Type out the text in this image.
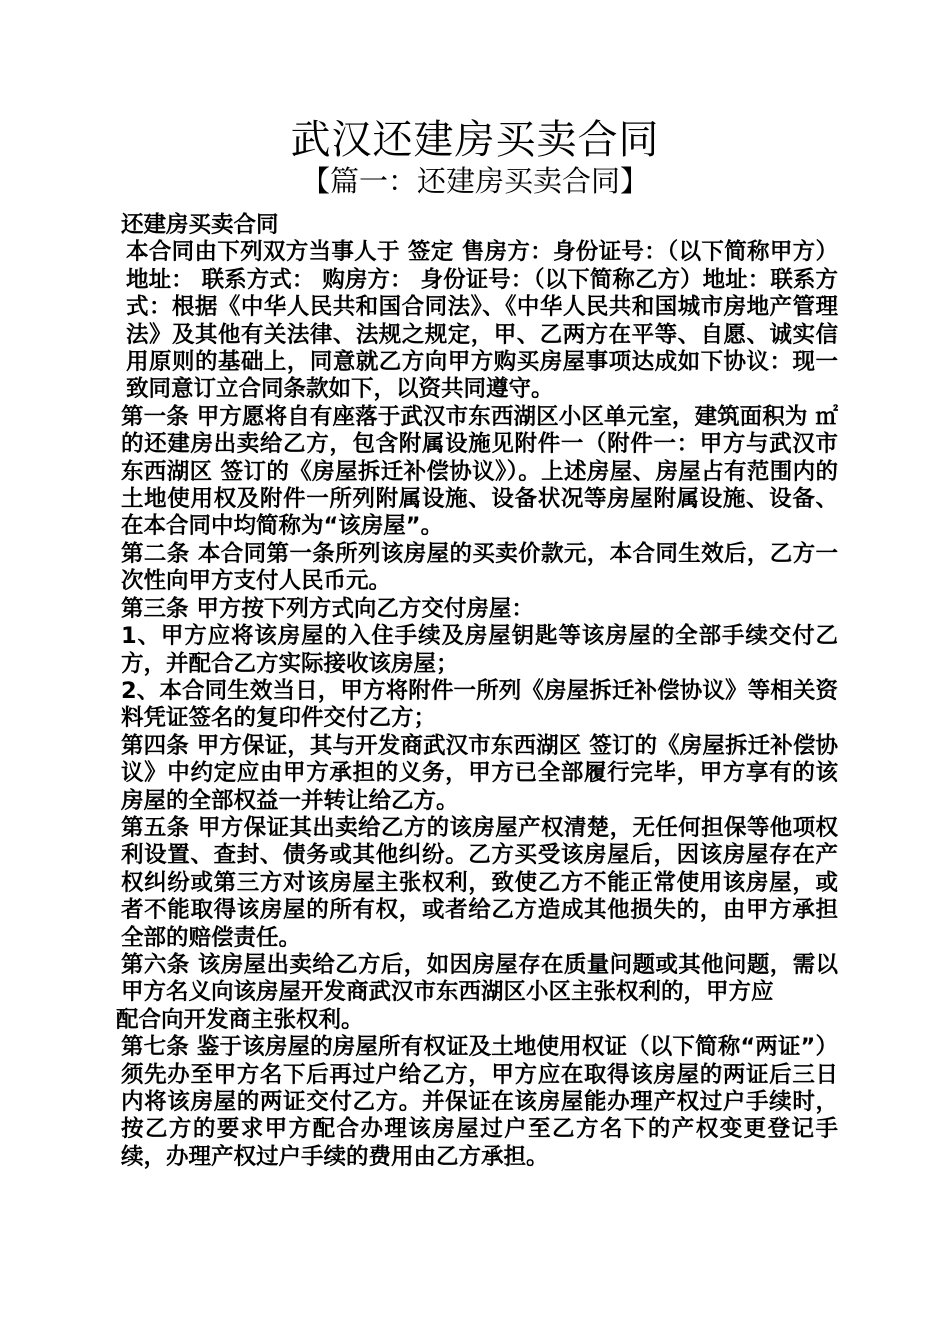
武汉还建房买卖合同
【篇一：还建房买卖合同】

还建房买卖合同

本合同由下列双方当事人于 签定 售房方：身份证号：（以下简称甲方） 地址： 联系方式： 购房方： 身份证号：（以下简称乙方）地址：联系方式：根据《中华人民共和国合同法》、《中华人民共和国城市房地产管理法》及其他有关法律、法规之规定，甲、乙两方在平等、自愿、诚实信用原则的基础上，同意就乙方向甲方购买房屋事项达成如下协议：现一致同意订立合同条款如下，以资共同遵守。

第一条 甲方愿将自有座落于武汉市东西湖区小区单元室，建筑面积为 ㎡的还建房出卖给乙方，包含附属设施见附件一（附件一：甲方与武汉市东西湖区 签订的《房屋拆迁补偿协议》）。上述房屋、房屋占有范围内的土地使用权及附件一所列附属设施、设备状况等房屋附属设施、设备、在本合同中均简称为“该房屋”。

第二条 本合同第一条所列该房屋的买卖价款元，本合同生效后，乙方一次性向甲方支付人民币元。

第三条 甲方按下列方式向乙方交付房屋：

1、甲方应将该房屋的入住手续及房屋钥匙等该房屋的全部手续交付乙方，并配合乙方实际接收该房屋；

2、本合同生效当日，甲方将附件一所列《房屋拆迁补偿协议》等相关资料凭证签名的复印件交付乙方；

第四条 甲方保证，其与开发商武汉市东西湖区 签订的《房屋拆迁补偿协议》中约定应由甲方承担的义务，甲方已全部履行完毕，甲方享有的该房屋的全部权益一并转让给乙方。

第五条 甲方保证其出卖给乙方的该房屋产权清楚，无任何担保等他项权利设置、查封、债务或其他纠纷。乙方买受该房屋后，因该房屋存在产权纠纷或第三方对该房屋主张权利，致使乙方不能正常使用该房屋，或者不能取得该房屋的所有权，或者给乙方造成其他损失的，由甲方承担全部的赔偿责任。

第六条 该房屋出卖给乙方后，如因房屋存在质量问题或其他问题，需以甲方名义向该房屋开发商武汉市东西湖区小区主张权利的，甲方应

配合向开发商主张权利。

第七条 鉴于该房屋的房屋所有权证及土地使用权证（以下简称“两证”）须先办至甲方名下后再过户给乙方，甲方应在取得该房屋的两证后三日内将该房屋的两证交付乙方。并保证在该房屋能办理产权过户手续时，按乙方的要求甲方配合办理该房屋过户至乙方名下的产权变更登记手续，办理产权过户手续的费用由乙方承担。
